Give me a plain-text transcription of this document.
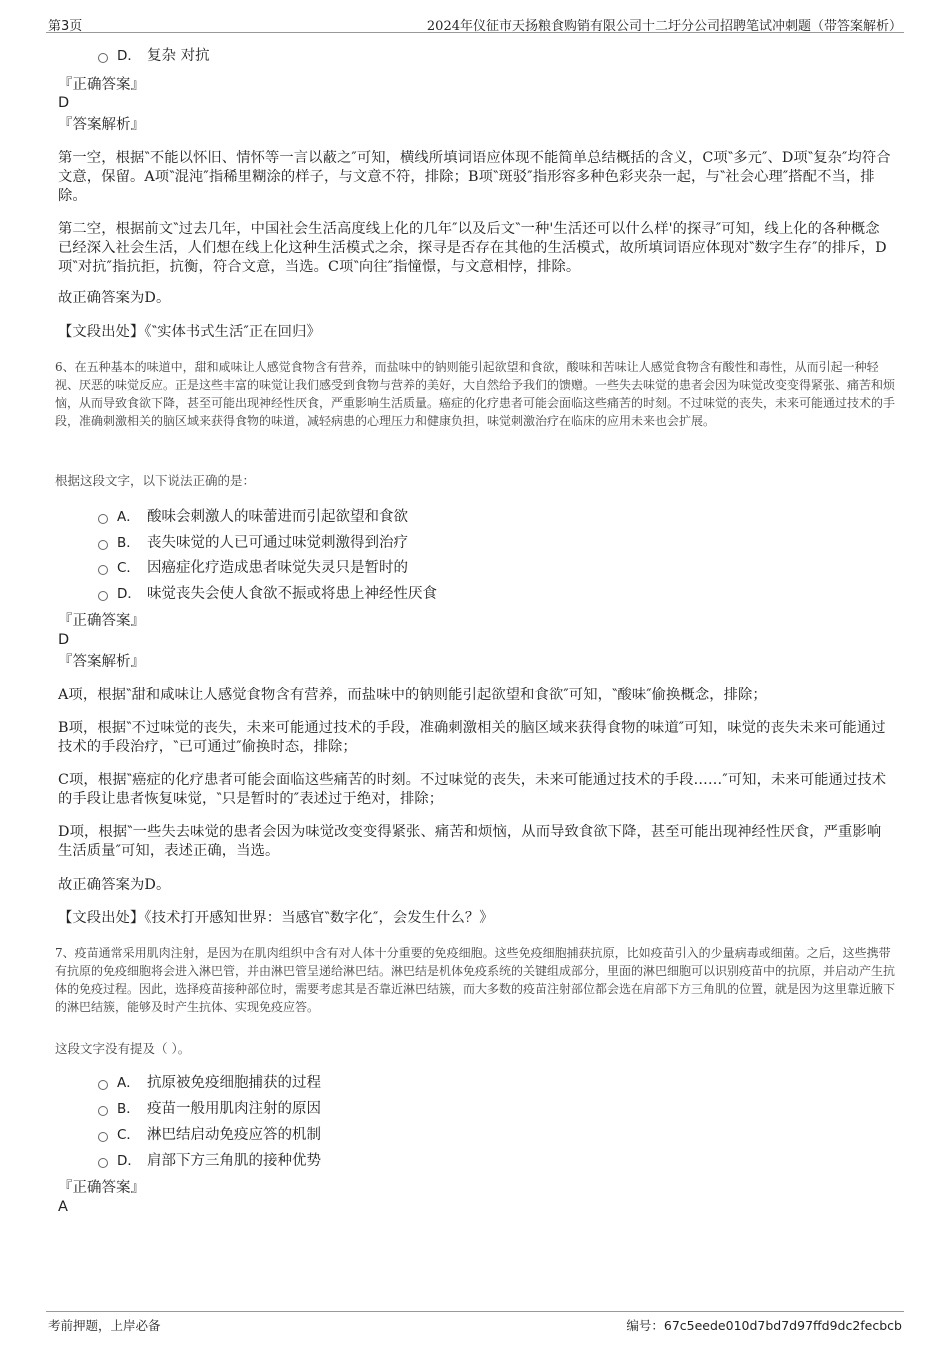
第3页	2024年仪征市天扬粮食购销有限公司十二圩分公司招聘笔试冲刺题（带答案解析）
D． 复杂 对抗
『正确答案』
D
『答案解析』
第一空，根据‶不能以怀旧、情怀等一言以蔽之″可知，横线所填词语应体现不能简单总结概括的含义，C项‶多元″、D项‶复杂″均符合文意，保留。A项‶混沌″指稀里糊涂的样子，与文意不符，排除；B项‶斑驳″指形容多种色彩夹杂一起，与‶社会心理″搭配不当，排除。
第二空，根据前文‶过去几年，中国社会生活高度线上化的几年″以及后文‶一种'生活还可以什么样'的探寻″可知，线上化的各种概念已经深入社会生活，人们想在线上化这种生活模式之余，探寻是否存在其他的生活模式，故所填词语应体现对‶数字生存″的排斥，D项‶对抗″指抗拒，抗衡，符合文意，当选。C项‶向往″指憧憬，与文意相悖，排除。
故正确答案为D。
【文段出处】《‶实体书式生活″正在回归》
6、在五种基本的味道中，甜和咸味让人感觉食物含有营养，而盐味中的钠则能引起欲望和食欲，酸味和苦味让人感觉食物含有酸性和毒性，从而引起一种轻视、厌恶的味觉反应。正是这些丰富的味觉让我们感受到食物与营养的美好，大自然给予我们的馈赠。一些失去味觉的患者会因为味觉改变变得紧张、痛苦和烦恼，从而导致食欲下降，甚至可能出现神经性厌食，严重影响生活质量。癌症的化疗患者可能会面临这些痛苦的时刻。不过味觉的丧失，未来可能通过技术的手段，准确刺激相关的脑区域来获得食物的味道，减轻病患的心理压力和健康负担，味觉刺激治疗在临床的应用未来也会扩展。
根据这段文字，以下说法正确的是：
A． 酸味会刺激人的味蕾进而引起欲望和食欲
B． 丧失味觉的人已可通过味觉刺激得到治疗
C． 因癌症化疗造成患者味觉失灵只是暂时的
D． 味觉丧失会使人食欲不振或将患上神经性厌食
『正确答案』
D
『答案解析』
A项，根据‶甜和咸味让人感觉食物含有营养，而盐味中的钠则能引起欲望和食欲″可知，‶酸味″偷换概念，排除；
B项，根据‶不过味觉的丧失，未来可能通过技术的手段，准确刺激相关的脑区域来获得食物的味道″可知，味觉的丧失未来可能通过技术的手段治疗，‶已可通过″偷换时态，排除；
C项，根据‶癌症的化疗患者可能会面临这些痛苦的时刻。不过味觉的丧失，未来可能通过技术的手段……″可知，未来可能通过技术的手段让患者恢复味觉，‶只是暂时的″表述过于绝对，排除；
D项，根据‶一些失去味觉的患者会因为味觉改变变得紧张、痛苦和烦恼，从而导致食欲下降，甚至可能出现神经性厌食，严重影响生活质量″可知，表述正确，当选。
故正确答案为D。
【文段出处】《技术打开感知世界：当感官‶数字化″，会发生什么？》
7、疫苗通常采用肌肉注射，是因为在肌肉组织中含有对人体十分重要的免疫细胞。这些免疫细胞捕获抗原，比如疫苗引入的少量病毒或细菌。之后，这些携带有抗原的免疫细胞将会进入淋巴管，并由淋巴管呈递给淋巴结。淋巴结是机体免疫系统的关键组成部分，里面的淋巴细胞可以识别疫苗中的抗原，并启动产生抗体的免疫过程。因此，选择疫苗接种部位时，需要考虑其是否靠近淋巴结簇，而大多数的疫苗注射部位都会选在肩部下方三角肌的位置，就是因为这里靠近腋下的淋巴结簇，能够及时产生抗体、实现免疫应答。
这段文字没有提及（ ）。
A． 抗原被免疫细胞捕获的过程
B． 疫苗一般用肌肉注射的原因
C． 淋巴结启动免疫应答的机制
D． 肩部下方三角肌的接种优势
『正确答案』
A
考前押题，上岸必备	编号：67c5eede010d7bd7d97ffd9dc2fecbcb
